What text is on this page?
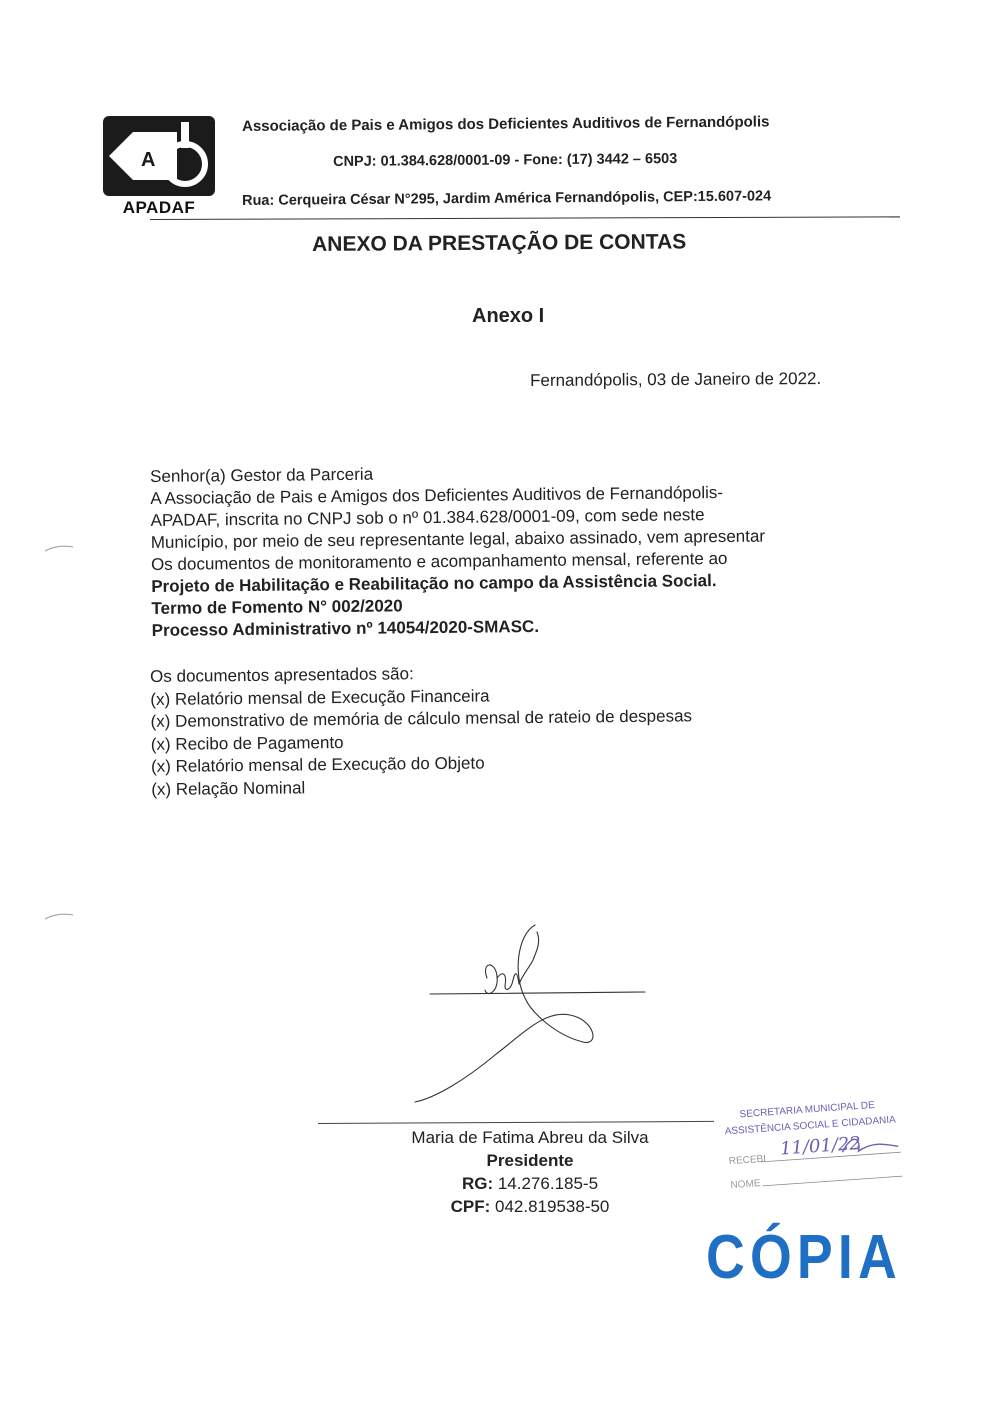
A
APADAF
Associação de Pais e Amigos dos Deficientes Auditivos de Fernandópolis
CNPJ: 01.384.628/0001-09 - Fone: (17) 3442 – 6503
Rua: Cerqueira César N°295, Jardim América Fernandópolis, CEP:15.607-024
ANEXO DA PRESTAÇÃO DE CONTAS
Anexo I
Fernandópolis, 03 de Janeiro de 2022.
Senhor(a) Gestor da Parceria
A Associação de Pais e Amigos dos Deficientes Auditivos de Fernandópolis-
APADAF, inscrita no CNPJ sob o nº 01.384.628/0001-09, com sede neste
Município, por meio de seu representante legal, abaixo assinado, vem apresentar
Os documentos de monitoramento e acompanhamento mensal, referente ao
Projeto de Habilitação e Reabilitação no campo da Assistência Social.
Termo de Fomento N° 002/2020
Processo Administrativo nº 14054/2020-SMASC.
Os documentos apresentados são:
(x) Relatório mensal de Execução Financeira
(x) Demonstrativo de memória de cálculo mensal de rateio de despesas
(x) Recibo de Pagamento
(x) Relatório mensal de Execução do Objeto
(x) Relação Nominal
Maria de Fatima Abreu da Silva
Presidente
RG: 14.276.185-5
CPF: 042.819538-50
SECRETARIA MUNICIPAL DE
ASSISTÊNCIA SOCIAL E CIDADANIA
RECEBI
11/01/22
NOME
CÓPIA
